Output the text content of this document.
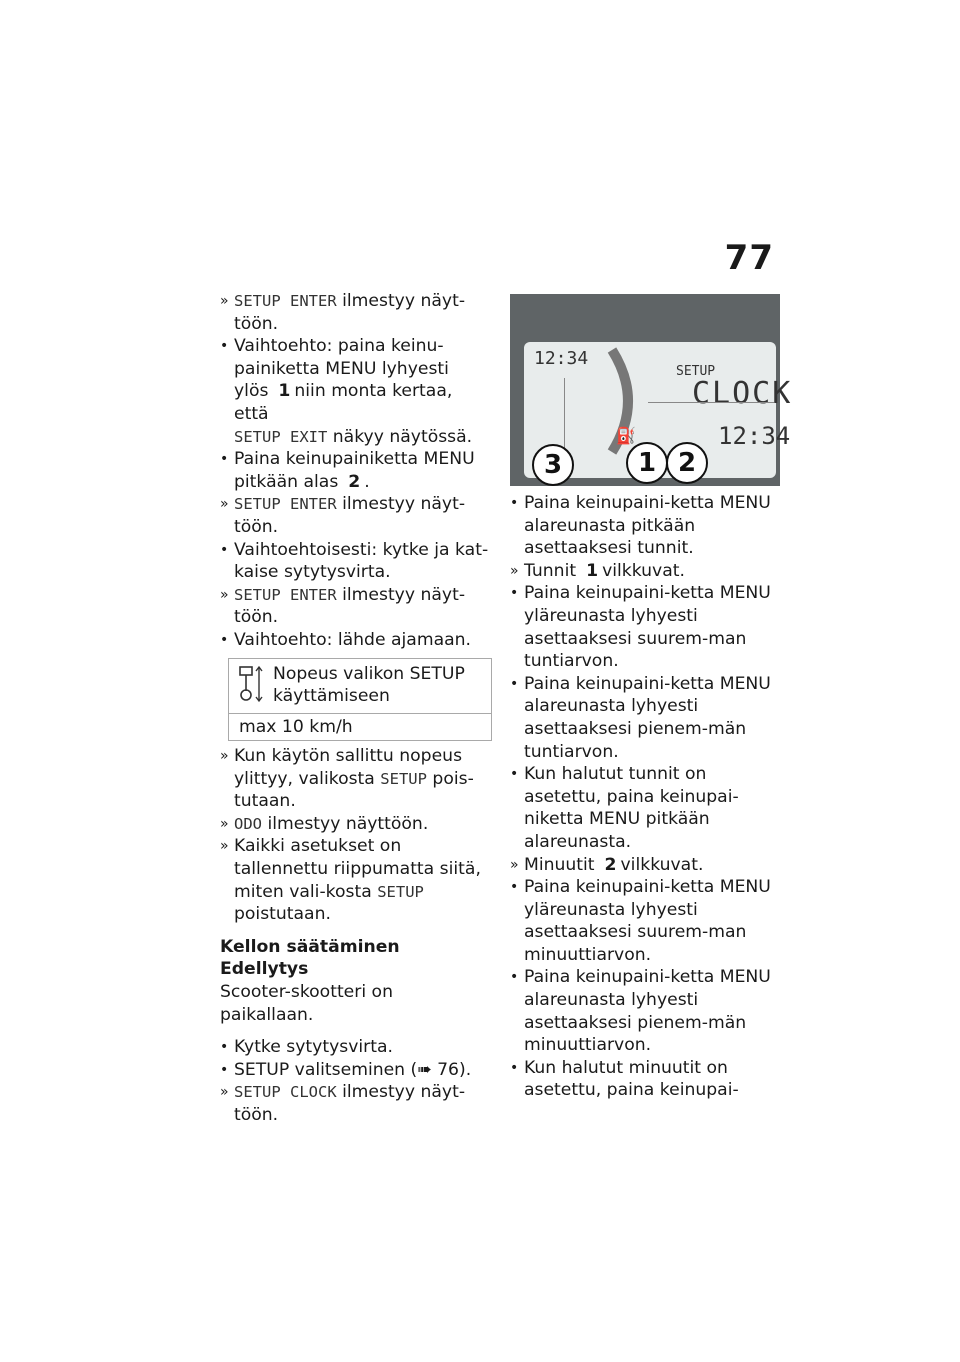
77
» SETUP ENTER ilmestyy näyt-töön.
• Vaihtoehto: paina keinu-painiketta MENU lyhyesti ylös 1 niin monta kertaa, että
SETUP EXIT näkyy näytössä.
• Paina keinupainiketta MENU pitkään alas 2 .
» SETUP ENTER ilmestyy näyt-töön.
• Vaihtoehtoisesti: kytke ja kat-kaise sytytysvirta.
» SETUP ENTER ilmestyy näyt-töön.
• Vaihtoehto: lähde ajamaan.
Nopeus valikon SETUP käyttämiseen
max 10 km/h
» Kun käytön sallittu nopeus ylittyy, valikosta SETUP pois-tutaan.
» ODO ilmestyy näyttöön.
» Kaikki asetukset on tallennettu riippumatta siitä, miten vali-kosta SETUP poistutaan.
Kellon säätäminen
Edellytys
Scooter-skootteri on paikallaan.
• Kytke sytytysvirta.
• SETUP valitseminen (➠ 76).
» SETUP CLOCK ilmestyy näyt-töön.
12:34
⛽
SETUP
CLOCK
12:34
3	1 2
• Paina keinupaini-ketta MENU alareunasta pitkään asettaaksesi tunnit.
» Tunnit 1 vilkkuvat.
• Paina keinupaini-ketta MENU yläreunasta lyhyesti asettaaksesi suurem-man tuntiarvon.
• Paina keinupaini-ketta MENU alareunasta lyhyesti asettaaksesi pienem-män tuntiarvon.
• Kun halutut tunnit on asetettu, paina keinupai-niketta MENU pitkään alareunasta.
» Minuutit 2 vilkkuvat.
• Paina keinupaini-ketta MENU yläreunasta lyhyesti asettaaksesi suurem-man minuuttiarvon.
• Paina keinupaini-ketta MENU alareunasta lyhyesti asettaaksesi pienem-män minuuttiarvon.
• Kun halutut minuutit on asetettu, paina keinupai-
